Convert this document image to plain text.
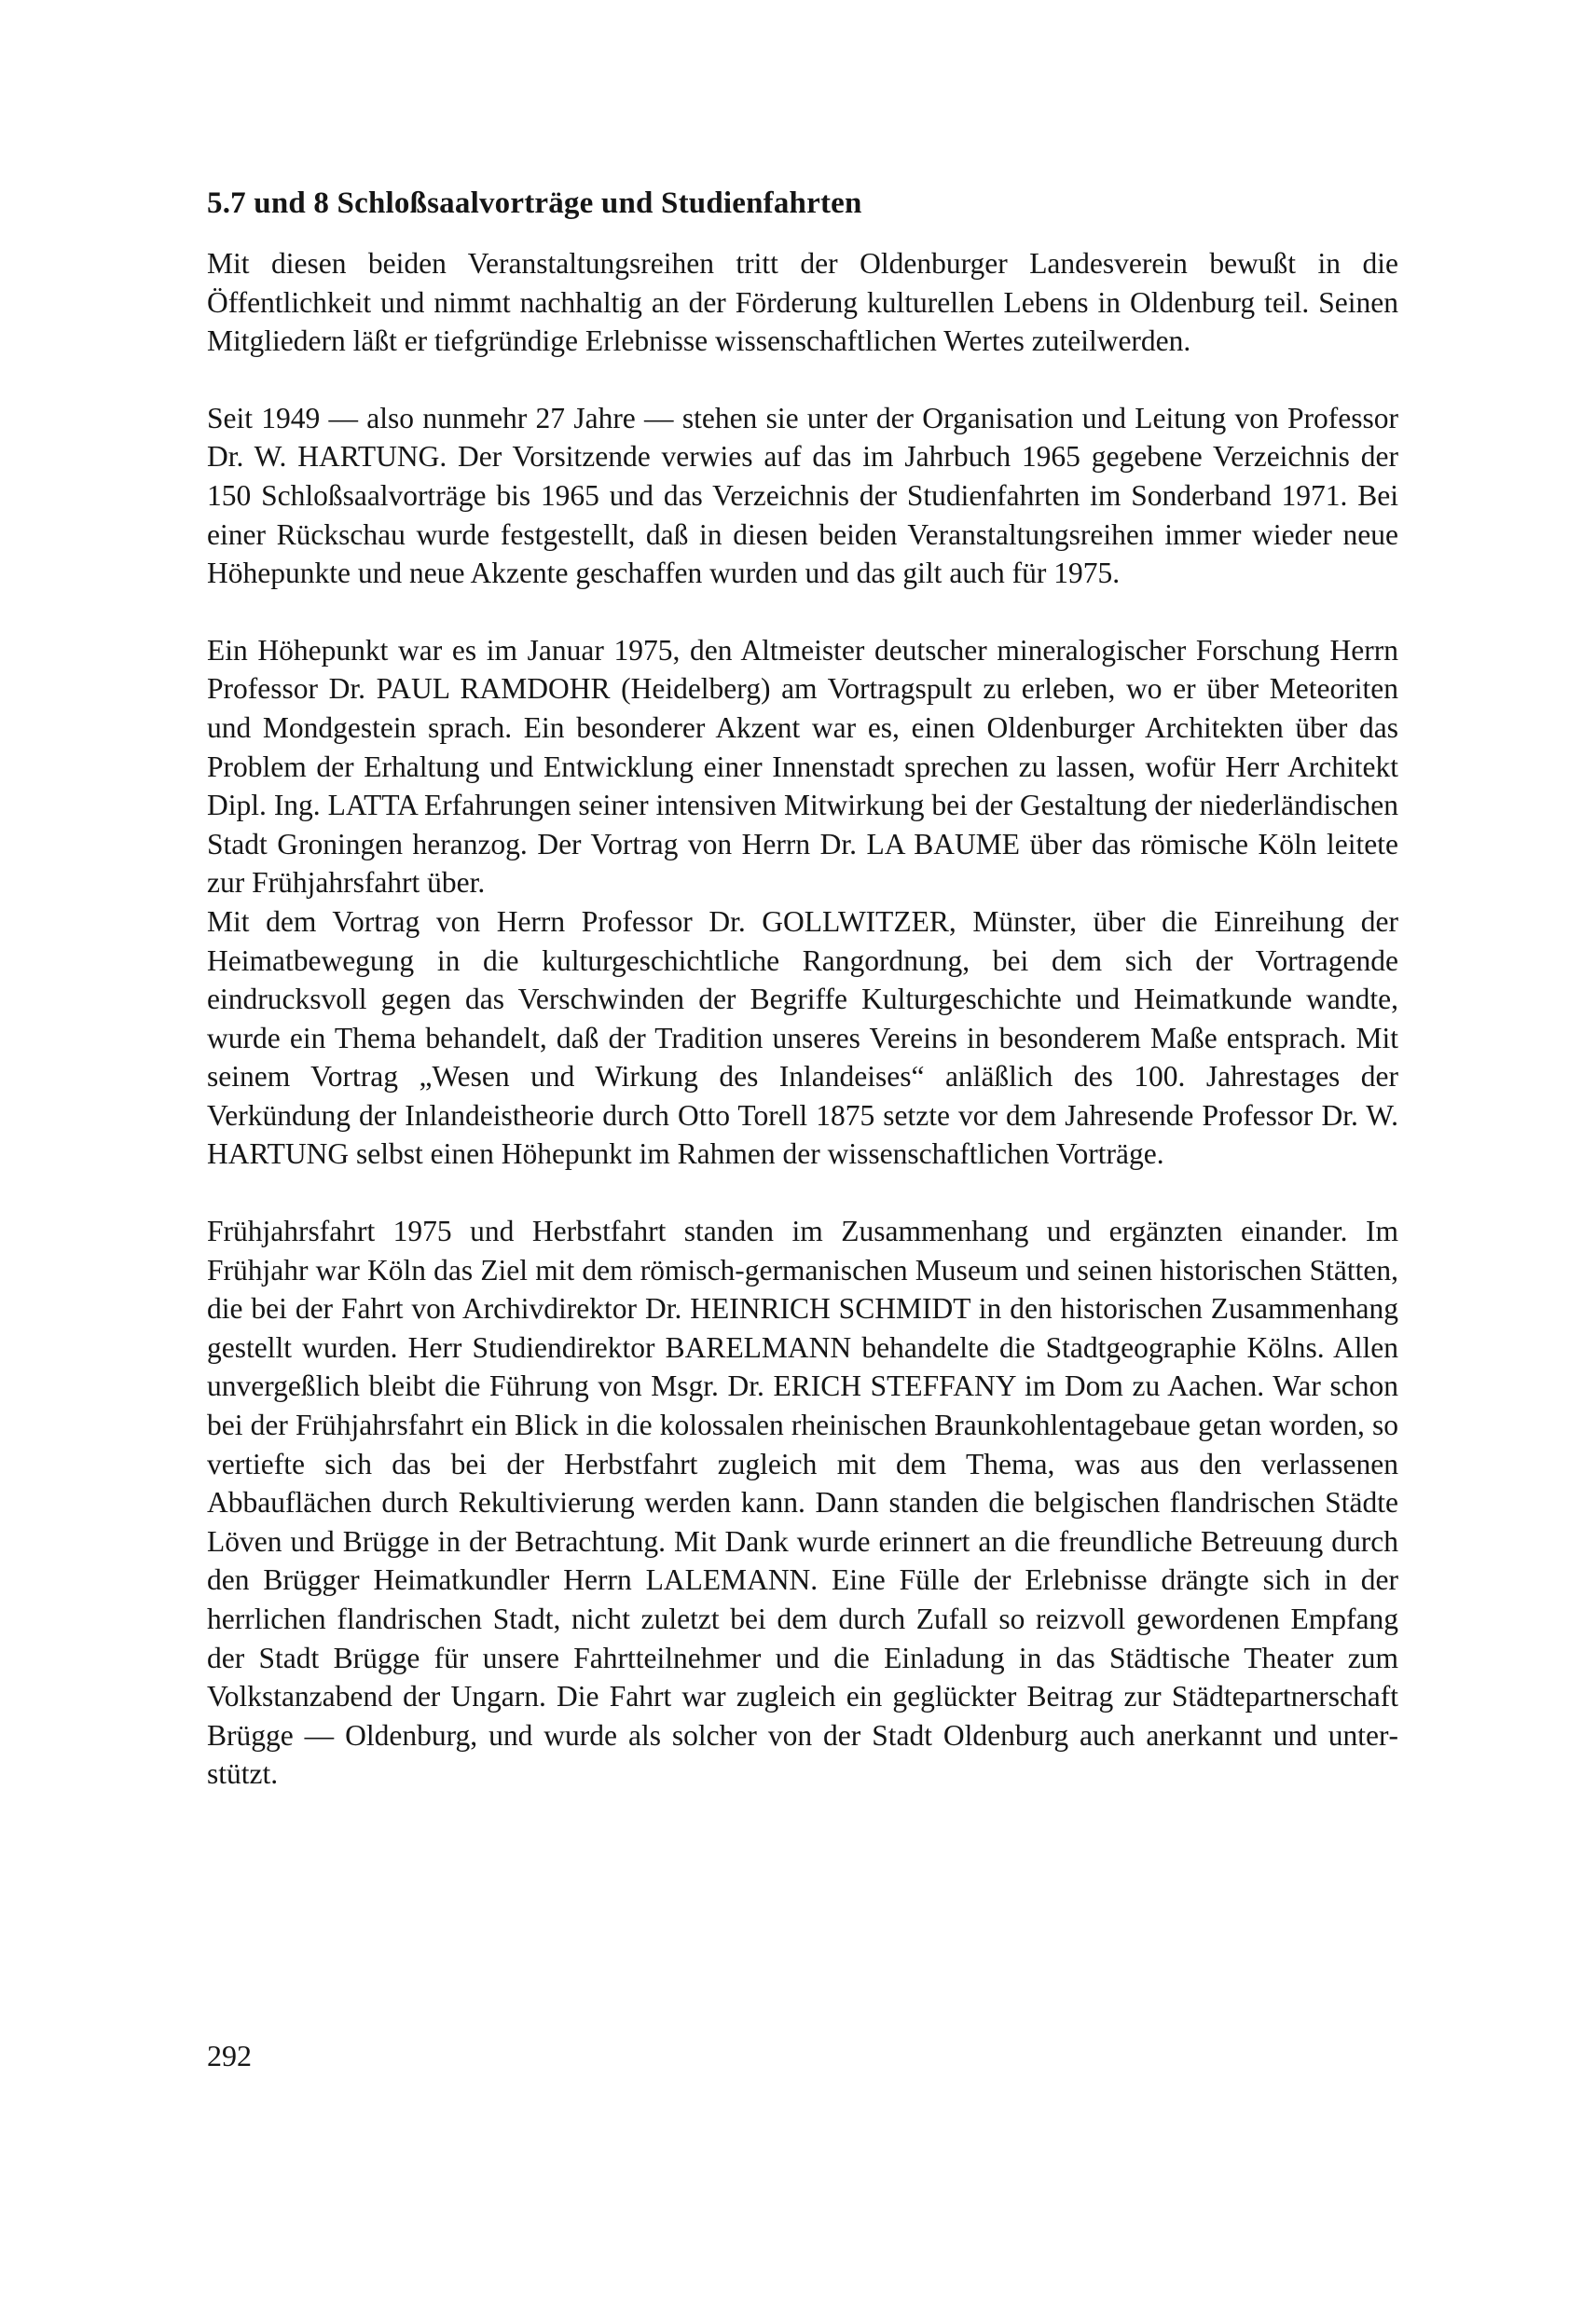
5.7 und 8 Schloßsaalvorträge und Studienfahrten

Mit diesen beiden Veranstaltungsreihen tritt der Oldenburger Landesverein bewußt in die Öffentlichkeit und nimmt nachhaltig an der Förderung kulturellen Lebens in Oldenburg teil. Seinen Mitgliedern läßt er tiefgründige Erlebnisse wissenschaftlichen Wertes zuteilwerden.

Seit 1949 — also nunmehr 27 Jahre — stehen sie unter der Organisation und Leitung von Professor Dr. W. HARTUNG. Der Vorsitzende verwies auf das im Jahrbuch 1965 gegebene Verzeichnis der 150 Schloßsaalvorträge bis 1965 und das Verzeichnis der Studienfahrten im Sonderband 1971. Bei einer Rückschau wurde festgestellt, daß in diesen beiden Veranstaltungsreihen immer wieder neue Höhepunkte und neue Akzente geschaffen wurden und das gilt auch für 1975.

Ein Höhepunkt war es im Januar 1975, den Altmeister deutscher mineralogischer Forschung Herrn Professor Dr. PAUL RAMDOHR (Heidelberg) am Vortragspult zu erleben, wo er über Meteoriten und Mondgestein sprach. Ein besonderer Akzent war es, einen Oldenburger Architekten über das Problem der Erhaltung und Entwicklung einer Innenstadt sprechen zu lassen, wofür Herr Architekt Dipl. Ing. LATTA Erfahrungen seiner intensiven Mitwirkung bei der Gestaltung der niederländischen Stadt Groningen heranzog. Der Vortrag von Herrn Dr. LA BAUME über das römische Köln leitete zur Frühjahrsfahrt über.

Mit dem Vortrag von Herrn Professor Dr. GOLLWITZER, Münster, über die Einreihung der Heimatbewegung in die kulturgeschichtliche Rangordnung, bei dem sich der Vortragende eindrucksvoll gegen das Verschwinden der Begriffe Kulturgeschichte und Heimatkunde wandte, wurde ein Thema behandelt, daß der Tradition unseres Vereins in besonderem Maße entsprach. Mit seinem Vortrag „Wesen und Wirkung des Inlandeises“ anläßlich des 100. Jahrestages der Verkündung der Inlandeistheorie durch Otto Torell 1875 setzte vor dem Jahresende Professor Dr. W. HARTUNG selbst einen Höhepunkt im Rahmen der wissenschaftlichen Vorträge.

Frühjahrsfahrt 1975 und Herbstfahrt standen im Zusammenhang und ergänzten einander. Im Frühjahr war Köln das Ziel mit dem römisch-germanischen Museum und seinen historischen Stätten, die bei der Fahrt von Archivdirektor Dr. HEINRICH SCHMIDT in den historischen Zusammenhang gestellt wurden. Herr Studiendirektor BARELMANN behandelte die Stadtgeographie Kölns. Allen unvergeßlich bleibt die Führung von Msgr. Dr. ERICH STEFFANY im Dom zu Aachen. War schon bei der Frühjahrsfahrt ein Blick in die kolossalen rheinischen Braunkohlentagebaue getan worden, so vertiefte sich das bei der Herbstfahrt zugleich mit dem Thema, was aus den verlassenen Abbauflächen durch Rekultivierung werden kann. Dann standen die belgischen flandrischen Städte Löven und Brügge in der Betrachtung. Mit Dank wurde erinnert an die freundliche Betreuung durch den Brügger Heimatkundler Herrn LALEMANN. Eine Fülle der Erlebnisse drängte sich in der herrlichen flandrischen Stadt, nicht zuletzt bei dem durch Zufall so reizvoll gewordenen Empfang der Stadt Brügge für unsere Fahrtteilnehmer und die Einladung in das Städtische Theater zum Volkstanzabend der Ungarn. Die Fahrt war zugleich ein geglückter Beitrag zur Städtepartnerschaft Brügge — Oldenburg, und wurde als solcher von der Stadt Oldenburg auch anerkannt und unterstützt.

292
